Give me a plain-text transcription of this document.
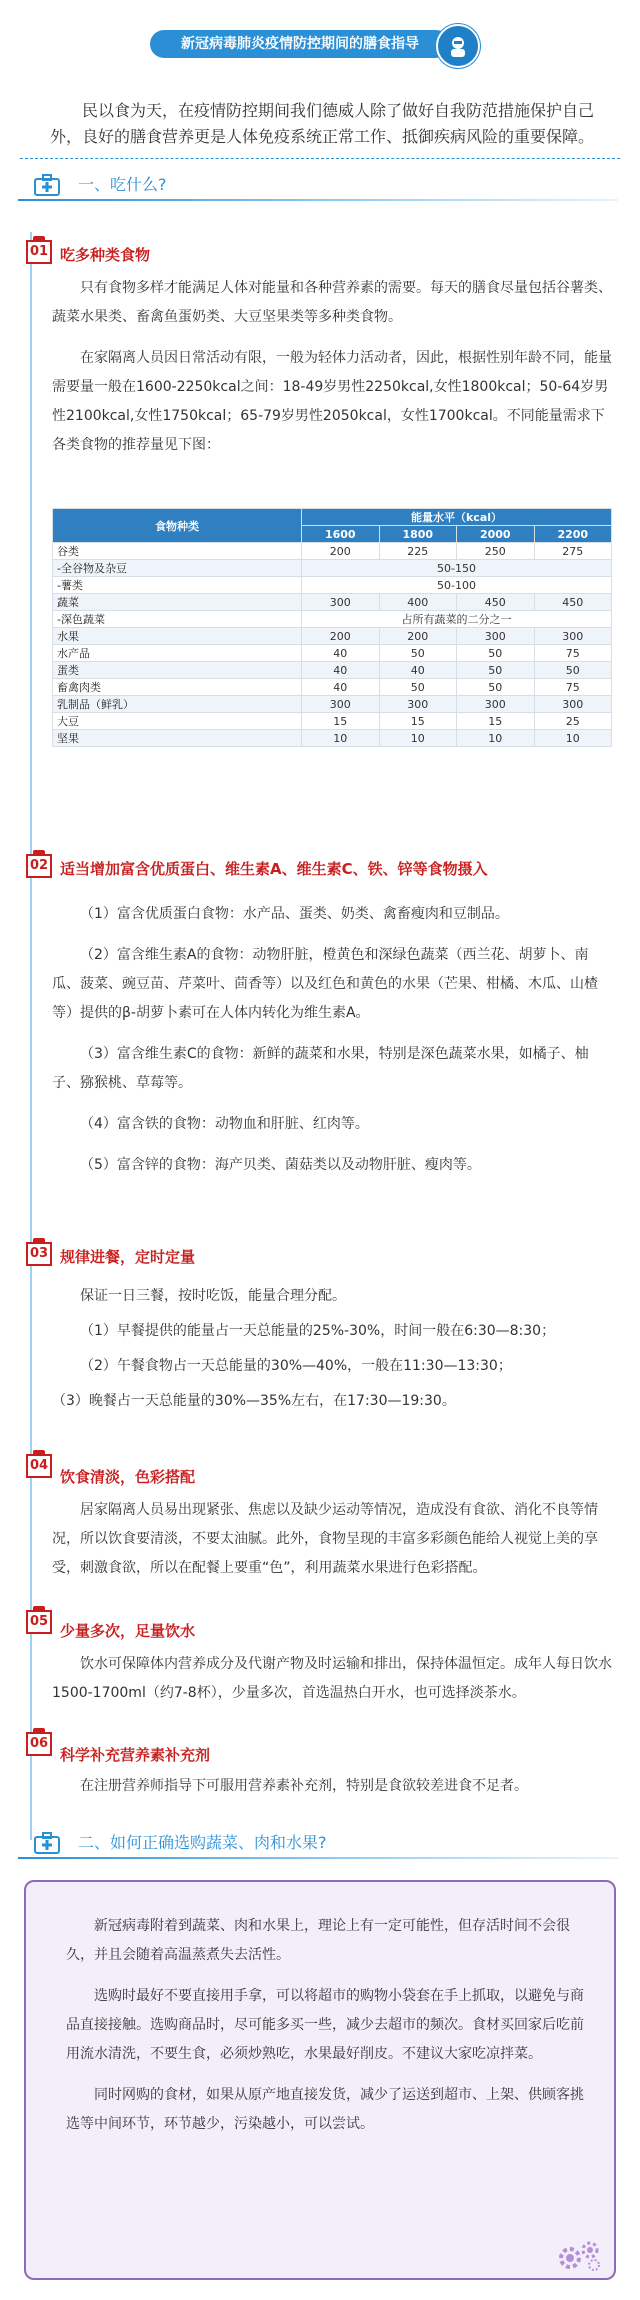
新冠病毒肺炎疫情防控期间的膳食指导
民以食为天，在疫情防控期间我们德威人除了做好自我防范措施保护自己外，良好的膳食营养更是人体免疫系统正常工作、抵御疾病风险的重要保障。
一、吃什么?
01 吃多种类食物

只有食物多样才能满足人体对能量和各种营养素的需要。每天的膳食尽量包括谷薯类、蔬菜水果类、畜禽鱼蛋奶类、大豆坚果类等多种类食物。

在家隔离人员因日常活动有限，一般为轻体力活动者，因此，根据性别年龄不同，能量需要量一般在1600-2250kcal之间：18-49岁男性2250kcal,女性1800kcal；50-64岁男性2100kcal,女性1750kcal；65-79岁男性2050kcal，女性1700kcal。不同能量需求下各类食物的推荐量见下图：

食物种类	能量水平（kcal）			
	1600	1800	2000	2200
谷类	200	225	250	275
-全谷物及杂豆	50-150			
-薯类	50-100			
蔬菜	300	400	450	450
-深色蔬菜	占所有蔬菜的二分之一			
水果	200	200	300	300
水产品	40	50	50	75
蛋类	40	40	50	50
畜禽肉类	40	50	50	75
乳制品（鲜乳）	300	300	300	300
大豆	15	15	15	25
坚果	10	10	10	10
02 适当增加富含优质蛋白、维生素A、维生素C、铁、锌等食物摄入

（1）富含优质蛋白食物：水产品、蛋类、奶类、禽畜瘦肉和豆制品。

（2）富含维生素A的食物：动物肝脏，橙黄色和深绿色蔬菜（西兰花、胡萝卜、南瓜、菠菜、豌豆苗、芹菜叶、茴香等）以及红色和黄色的水果（芒果、柑橘、木瓜、山楂等）提供的β-胡萝卜素可在人体内转化为维生素A。

（3）富含维生素C的食物：新鲜的蔬菜和水果，特别是深色蔬菜水果，如橘子、柚子、猕猴桃、草莓等。

（4）富含铁的食物：动物血和肝脏、红肉等。

（5）富含锌的食物：海产贝类、菌菇类以及动物肝脏、瘦肉等。

03 规律进餐，定时定量

保证一日三餐，按时吃饭，能量合理分配。

（1）早餐提供的能量占一天总能量的25%-30%，时间一般在6:30—8:30；

（2）午餐食物占一天总能量的30%—40%，一般在11:30—13:30；

（3）晚餐占一天总能量的30%—35%左右，在17:30—19:30。

04
饮食清淡，色彩搭配

居家隔离人员易出现紧张、焦虑以及缺少运动等情况，造成没有食欲、消化不良等情况，所以饮食要清淡，不要太油腻。此外，食物呈现的丰富多彩颜色能给人视觉上美的享受，刺激食欲，所以在配餐上要重“色”，利用蔬菜水果进行色彩搭配。

05
少量多次，足量饮水

饮水可保障体内营养成分及代谢产物及时运输和排出，保持体温恒定。成年人每日饮水1500-1700ml（约7-8杯），少量多次，首选温热白开水，也可选择淡茶水。

06
科学补充营养素补充剂

在注册营养师指导下可服用营养素补充剂，特别是食欲较差进食不足者。

二、如何正确选购蔬菜、肉和水果?

新冠病毒附着到蔬菜、肉和水果上，理论上有一定可能性，但存活时间不会很久，并且会随着高温蒸煮失去活性。

选购时最好不要直接用手拿，可以将超市的购物小袋套在手上抓取，以避免与商品直接接触。选购商品时，尽可能多买一些，减少去超市的频次。食材买回家后吃前用流水清洗，不要生食，必须炒熟吃，水果最好削皮。不建议大家吃凉拌菜。

同时网购的食材，如果从原产地直接发货，减少了运送到超市、上架、供顾客挑选等中间环节，环节越少，污染越小，可以尝试。
